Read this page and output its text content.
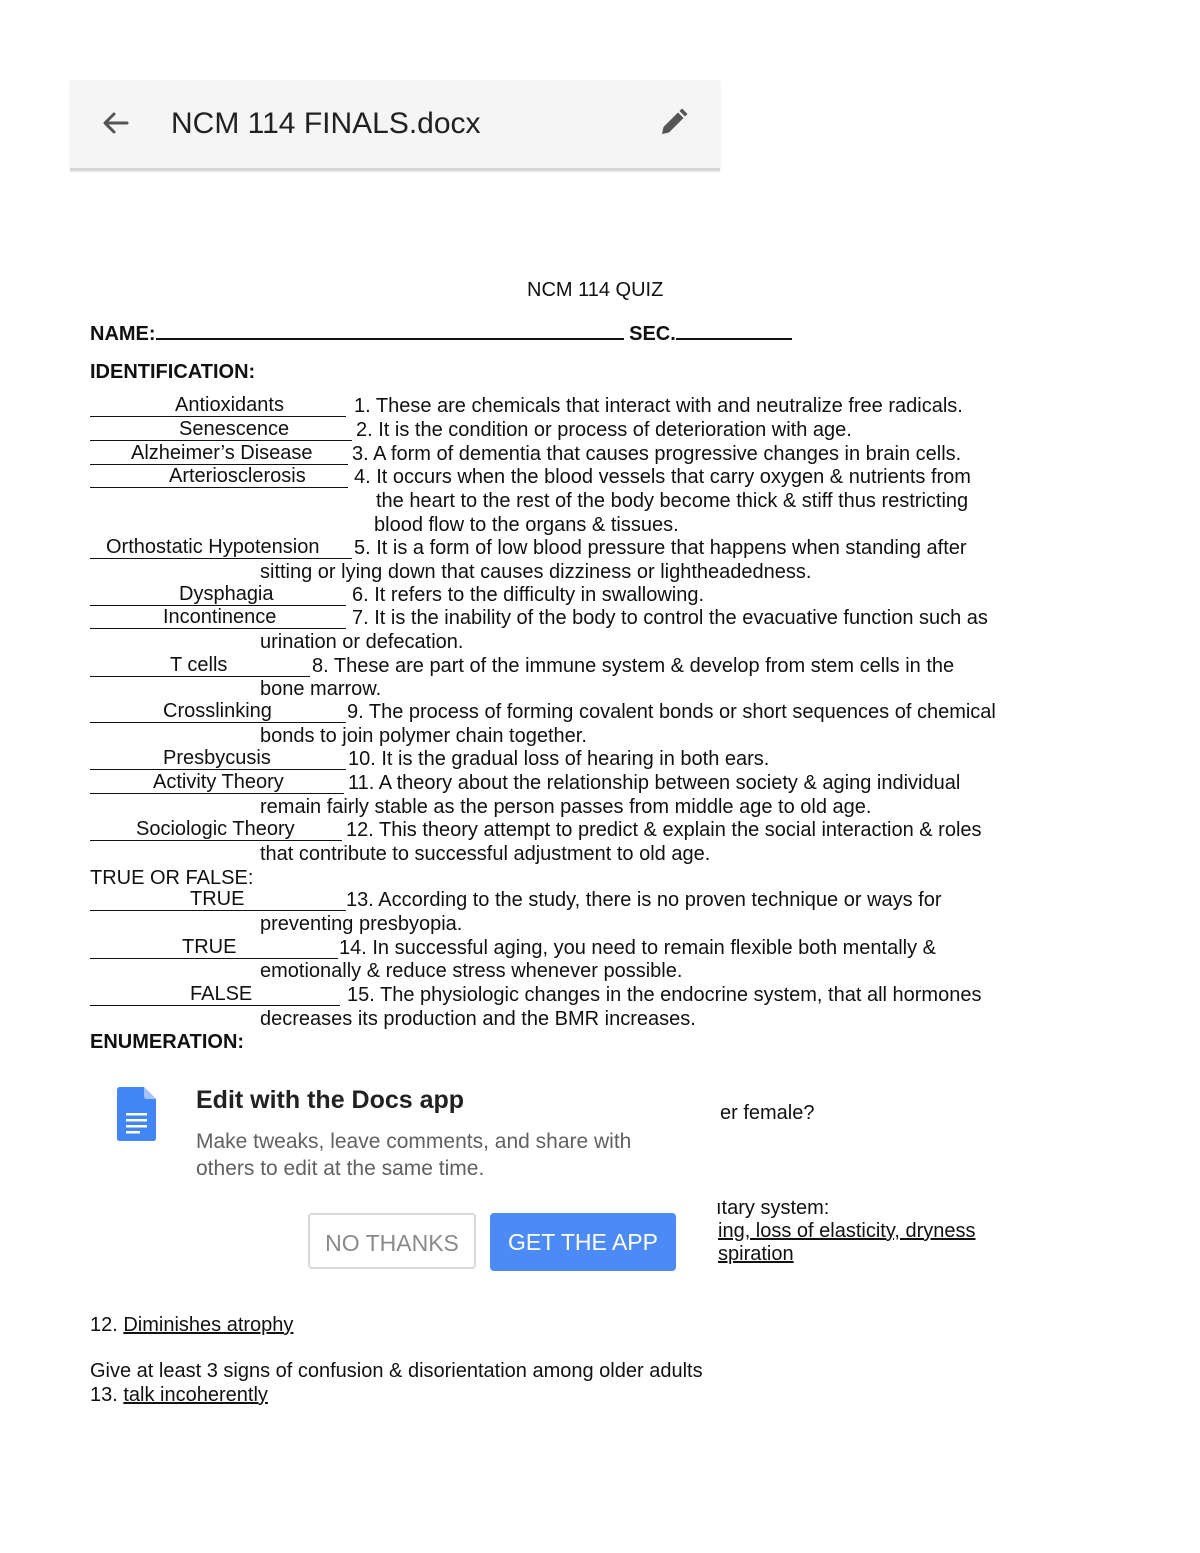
NCM 114 FINALS.docx
NCM 114 QUIZ
NAME:	SEC.
IDENTIFICATION:
Antioxidants	1. These are chemicals that interact with and neutralize free radicals.
Senescence	2. It is the condition or process of deterioration with age.
Alzheimer’s Disease 3. A form of dementia that causes progressive changes in brain cells.
Arteriosclerosis 4. It occurs when the blood vessels that carry oxygen & nutrients from
the heart to the rest of the body become thick & stiff thus restricting
blood flow to the organs & tissues.
Orthostatic Hypotension 5. It is a form of low blood pressure that happens when standing after
sitting or lying down that causes dizziness or lightheadedness.
Dysphagia	6. It refers to the difficulty in swallowing.
Incontinence	7. It is the inability of the body to control the evacuative function such as
urination or defecation.
T cells	8. These are part of the immune system & develop from stem cells in the
bone marrow.
Crosslinking	9. The process of forming covalent bonds or short sequences of chemical
bonds to join polymer chain together.
Presbycusis	10. It is the gradual loss of hearing in both ears.
Activity Theory	11. A theory about the relationship between society & aging individual
remain fairly stable as the person passes from middle age to old age.
Sociologic Theory	12. This theory attempt to predict & explain the social interaction & roles
that contribute to successful adjustment to old age.
TRUE OR FALSE:
TRUE	13. According to the study, there is no proven technique or ways for
preventing presbyopia.
TRUE	14. In successful aging, you need to remain flexible both mentally &
emotionally & reduce stress whenever possible.
FALSE	15. The physiologic changes in the endocrine system, that all hormones
decreases its production and the BMR increases.
ENUMERATION:
er female?
ıtary system:
ing, loss of elasticity, dryness
spiration
12. Diminishes atrophy
Give at least 3 signs of confusion & disorientation among older adults
13. talk incoherently
Edit with the Docs app
Make tweaks, leave comments, and share with others to edit at the same time.
NO THANKS	GET THE APP
